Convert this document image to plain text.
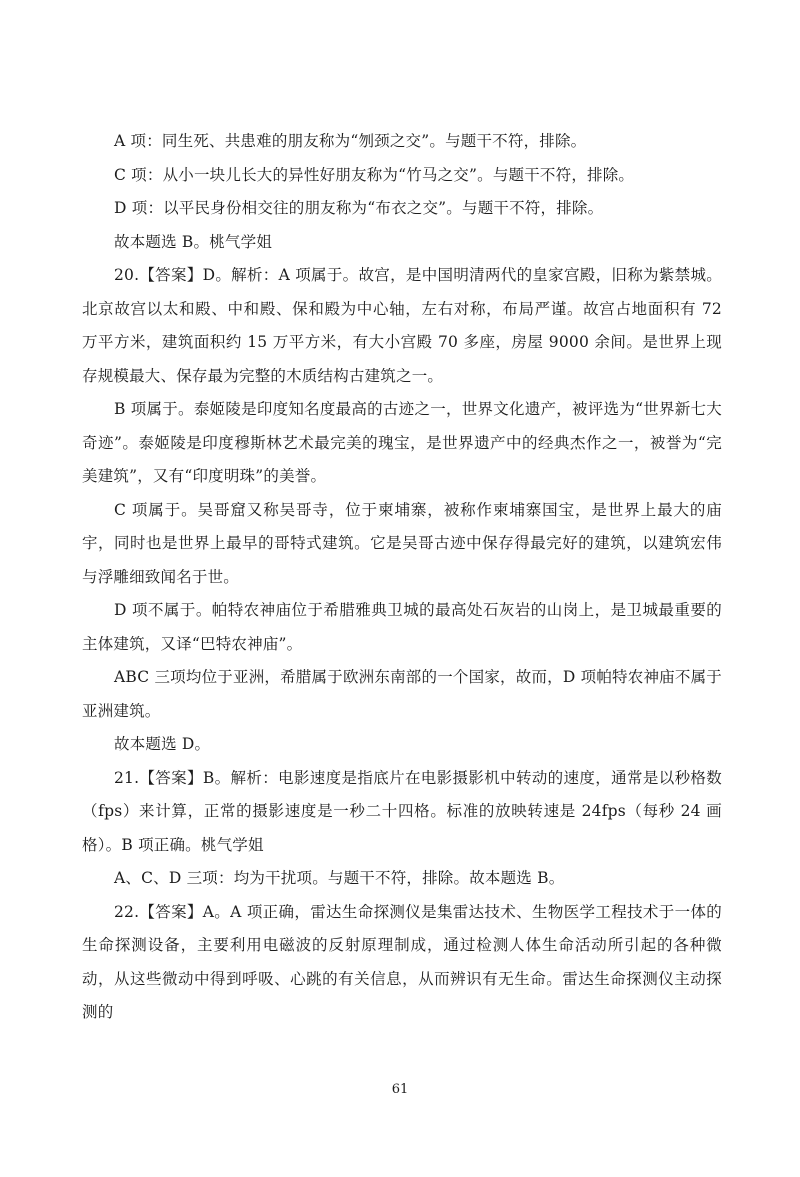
A 项：同生死、共患难的朋友称为“刎颈之交”。与题干不符，排除。

C 项：从小一块儿长大的异性好朋友称为“竹马之交”。与题干不符，排除。

D 项：以平民身份相交往的朋友称为“布衣之交”。与题干不符，排除。

故本题选 B。桃气学姐

20.【答案】D。解析：A 项属于。故宫，是中国明清两代的皇家宫殿，旧称为紫禁城。北京故宫以太和殿、中和殿、保和殿为中心轴，左右对称，布局严谨。故宫占地面积有 72 万平方米，建筑面积约 15 万平方米，有大小宫殿 70 多座，房屋 9000 余间。是世界上现存规模最大、保存最为完整的木质结构古建筑之一。

B 项属于。泰姬陵是印度知名度最高的古迹之一，世界文化遗产，被评选为“世界新七大奇迹”。泰姬陵是印度穆斯林艺术最完美的瑰宝，是世界遗产中的经典杰作之一，被誉为“完美建筑”，又有“印度明珠”的美誉。

C 项属于。吴哥窟又称吴哥寺，位于柬埔寨，被称作柬埔寨国宝，是世界上最大的庙宇，同时也是世界上最早的哥特式建筑。它是吴哥古迹中保存得最完好的建筑，以建筑宏伟与浮雕细致闻名于世。

D 项不属于。帕特农神庙位于希腊雅典卫城的最高处石灰岩的山岗上，是卫城最重要的主体建筑，又译“巴特农神庙”。

ABC 三项均位于亚洲，希腊属于欧洲东南部的一个国家，故而，D 项帕特农神庙不属于亚洲建筑。

故本题选 D。

21.【答案】B。解析：电影速度是指底片在电影摄影机中转动的速度，通常是以秒格数（fps）来计算，正常的摄影速度是一秒二十四格。标准的放映转速是 24fps（每秒 24 画格）。B 项正确。桃气学姐

A、C、D 三项：均为干扰项。与题干不符，排除。故本题选 B。

22.【答案】A。A 项正确，雷达生命探测仪是集雷达技术、生物医学工程技术于一体的生命探测设备，主要利用电磁波的反射原理制成，通过检测人体生命活动所引起的各种微动，从这些微动中得到呼吸、心跳的有关信息，从而辨识有无生命。雷达生命探测仪主动探测的

61
